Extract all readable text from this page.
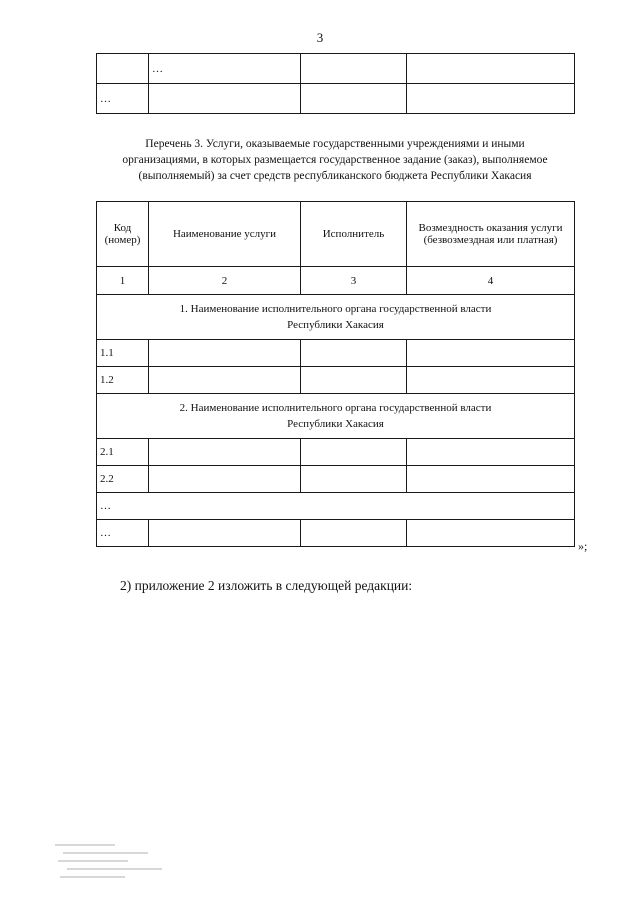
3
	…		
…			
Перечень 3. Услуги, оказываемые государственными учреждениями и иными
организациями, в которых размещается государственное задание (заказ), выполняемое
(выполняемый) за счет средств республиканского бюджета Республики Хакасия
Код (номер)	Наименование услуги	Исполнитель	Возмездность оказания услуги (безвозмездная или платная)
1	2	3	4

1. Наименование исполнительного органа государственной власти
Республики Хакасия			

1.1			
1.2			

2. Наименование исполнительного органа государственной власти
Республики Хакасия			

2.1			
2.2			
…			
…			
»;
2) приложение 2 изложить в следующей редакции:
